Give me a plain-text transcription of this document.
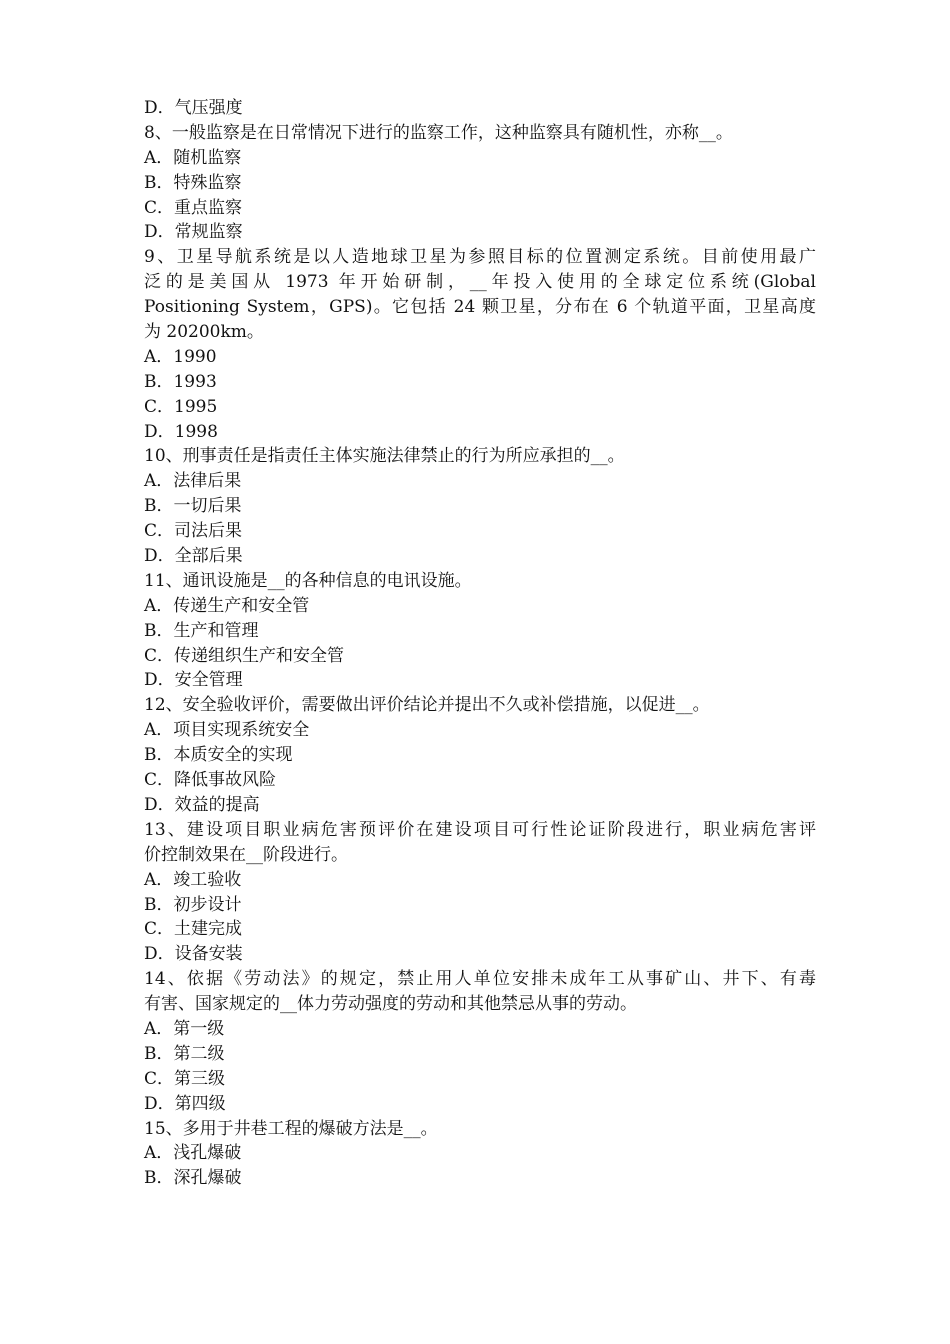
D．气压强度
8、一般监察是在日常情况下进行的监察工作，这种监察具有随机性，亦称__。
A．随机监察
B．特殊监察
C．重点监察
D．常规监察
9、卫星导航系统是以人造地球卫星为参照目标的位置测定系统。目前使用最广
泛的是美国从 1973 年开始研制，__年投入使用的全球定位系统(Global
Positioning System，GPS)。它包括 24 颗卫星，分布在 6 个轨道平面，卫星高度
为 20200km。
A．1990
B．1993
C．1995
D．1998
10、刑事责任是指责任主体实施法律禁止的行为所应承担的__。
A．法律后果
B．一切后果
C．司法后果
D．全部后果
11、通讯设施是__的各种信息的电讯设施。
A．传递生产和安全管
B．生产和管理
C．传递组织生产和安全管
D．安全管理
12、安全验收评价，需要做出评价结论并提出不久或补偿措施，以促进__。
A．项目实现系统安全
B．本质安全的实现
C．降低事故风险
D．效益的提高
13、建设项目职业病危害预评价在建设项目可行性论证阶段进行，职业病危害评
价控制效果在__阶段进行。
A．竣工验收
B．初步设计
C．土建完成
D．设备安装
14、依据《劳动法》的规定，禁止用人单位安排未成年工从事矿山、井下、有毒
有害、国家规定的__体力劳动强度的劳动和其他禁忌从事的劳动。
A．第一级
B．第二级
C．第三级
D．第四级
15、多用于井巷工程的爆破方法是__。
A．浅孔爆破
B．深孔爆破
